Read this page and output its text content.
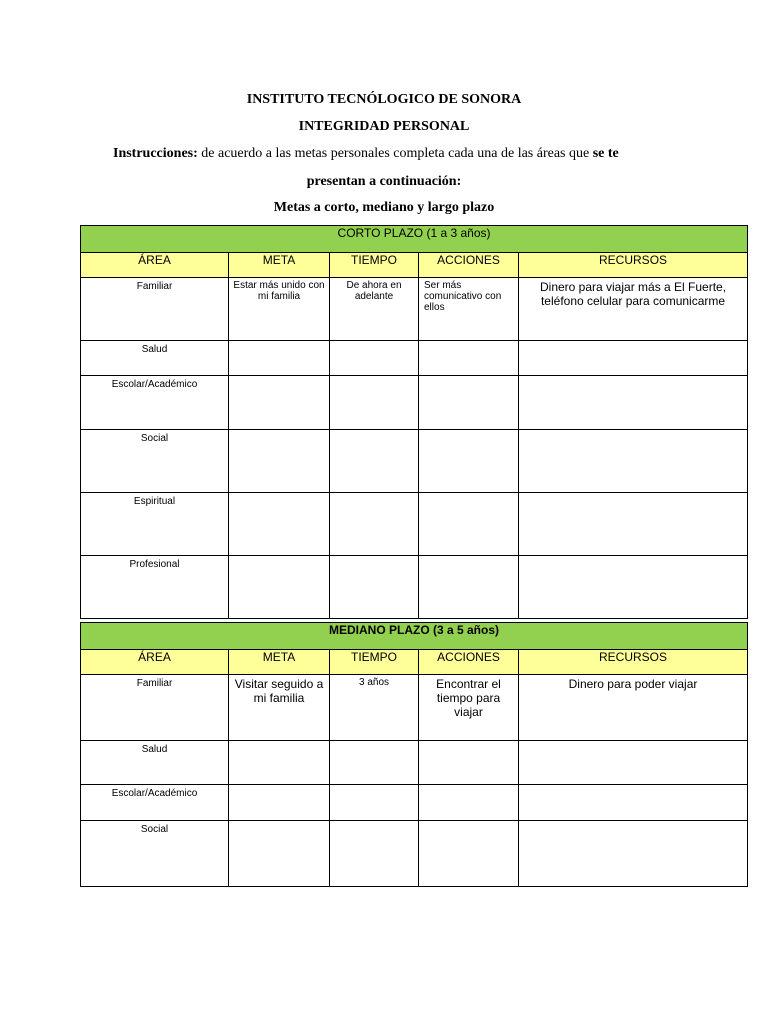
INSTITUTO TECNÓLOGICO DE SONORA
INTEGRIDAD PERSONAL
Instrucciones: de acuerdo a las metas personales completa cada una de las áreas que se te
presentan a continuación:
Metas a corto, mediano y largo plazo
CORTO PLAZO (1 a 3 años)				
ÁREA	META	TIEMPO	ACCIONES	RECURSOS
Familiar	Estar más unido con mi familia	De ahora en adelante	Ser más comunicativo con ellos	Dinero para viajar más a El Fuerte, teléfono celular para comunicarme
Salud				
Escolar/Académico				
Social				
Espiritual				
Profesional				
MEDIANO PLAZO (3 a 5 años)				
ÁREA	META	TIEMPO	ACCIONES	RECURSOS
Familiar	Visitar seguido a mi familia	3 años	Encontrar el tiempo para viajar	Dinero para poder viajar
Salud				
Escolar/Académico				
Social				
